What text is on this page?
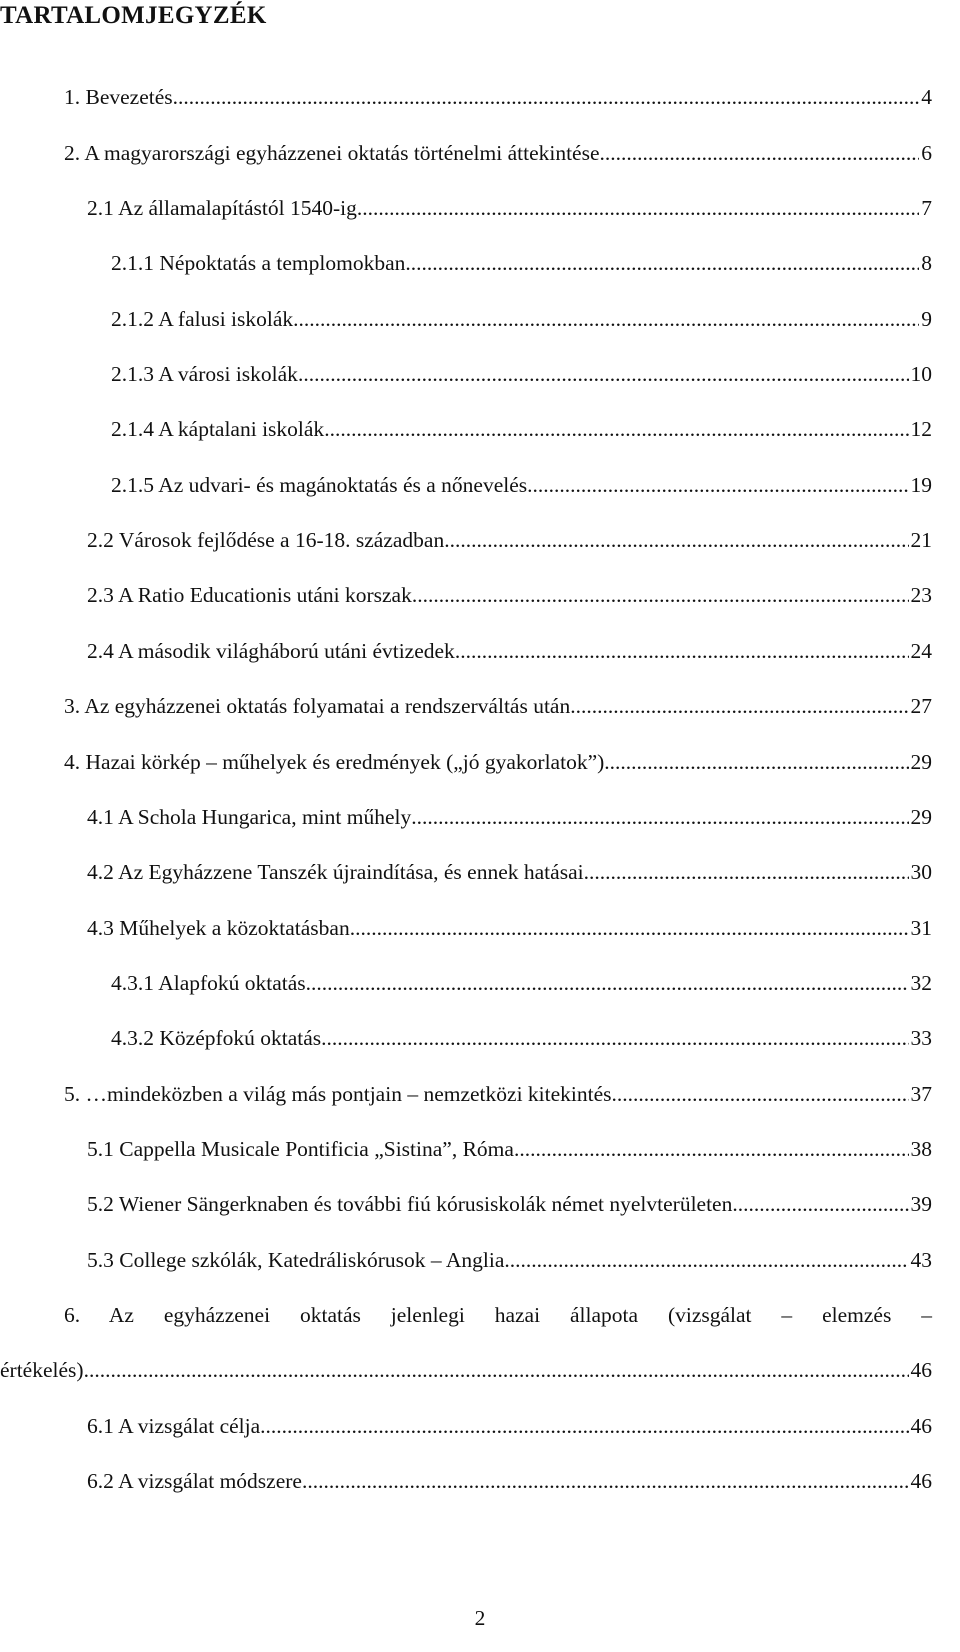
TARTALOMJEGYZÉK
1. Bevezetés .....	4
2. A magyarországi egyházzenei oktatás történelmi áttekintése .....	6
2.1 Az államalapítástól 1540-ig .....	7
2.1.1 Népoktatás a templomokban .....	8
2.1.2 A falusi iskolák .....	9
2.1.3 A városi iskolák .....	10
2.1.4 A káptalani iskolák .....	12
2.1.5 Az udvari- és magánoktatás és a nőnevelés .....	19
2.2 Városok fejlődése a 16-18. században .....	21
2.3 A Ratio Educationis utáni korszak .....	23
2.4 A második világháború utáni évtizedek .....	24
3. Az egyházzenei oktatás folyamatai a rendszerváltás után .....	27
4. Hazai körkép – műhelyek és eredmények („jó gyakorlatok”) .....	29
4.1 A Schola Hungarica, mint műhely .....	29
4.2 Az Egyházzene Tanszék újraindítása, és ennek hatásai .....	30
4.3 Műhelyek a közoktatásban .....	31
4.3.1 Alapfokú oktatás .....	32
4.3.2 Középfokú oktatás .....	33
5. …mindeközben a világ más pontjain – nemzetközi kitekintés .....	37
5.1 Cappella Musicale Pontificia „Sistina”, Róma .....	38
5.2 Wiener Sängerknaben és további fiú kórusiskolák német nyelvterületen .....	39
5.3 College szkólák, Katedráliskórusok – Anglia .....	43
6. Az egyházzenei oktatás jelenlegi hazai állapota (vizsgálat – elemzés –
értékelés) .....	46
6.1 A vizsgálat célja .....	46
6.2 A vizsgálat módszere .....	46
2
